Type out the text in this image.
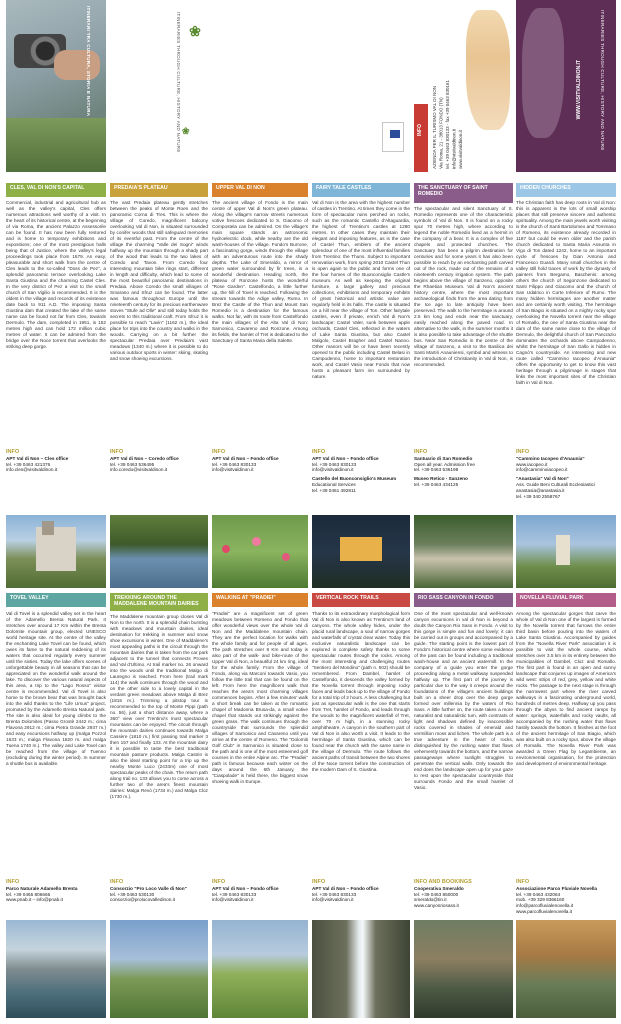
ITINERARI TRA CULTURA, STORIA E NATURA	ITINERARIES THROUGH CULTURE, HISTORY AND NATURE ❀
❀	INFO AZIENDA PER IL TURISMO VAL DI NON Via Roma, 21 - 38013 FONDO (TN) tel. +39 0463 830133 - fax +39 0463 830161 info@visitvaldinon.it www.visitvaldinon.it	ITINERARIES THROUGH CULTURE, HISTORY AND NATURE
WWW.VISITVALDINON.IT
CLES, VAL DI NON'S CAPITAL
Commercial, industrial and agricultural hub as well as the valley's capital, Cles offers numerous attractions well worthy of a visit. In the heart of its historical centre, at the beginning of via Roma, the ancient Palazzo Assessorile can be found. It has now been fully restored and is home to temporary exhibitions and expositions; one of the most prestigious halls being that of Justice, where the valley's legal proceedings took place from 1679. An easy, pleasurable and short walk from the centre of Cles leads to the so-called "Doss de Pez", a splendid panoramic terrace overlooking Lake Santa Giustina and the charming Castel Cles. In the very district of Pez a visit to the small church of San Vigilio is recommended. It is the oldest in the village and records of its existence date back to 911 A.D. The imposing Santa Giustina dam that created the lake of the same name can be found not far from Cles, towards Dermulo. The dam, completed in 1951, is 152 metres high and can hold 172 million cubic metres of water. It can be admired from the bridge over the Noce torrent that overlooks the striking deep gorge.
INFO
APT Val di Non – Cles office
tel. +39 0463 421376
info.cles@visitvaldinon.it
PREDAIA'S PLATEAU
The vast Predaia plateau gently stretches between the peaks of Monte Roen and the panoramic Corna di Tres. This is where the village of Coredo, magnificent balcony overlooking Val di Non, is situated surrounded by conifer woods that still safeguard memories of its eventful past. From the centre of the village the charming "Valle dei Sogni" winds halfway up the mountain through a shady part of the wood that leads to the two lakes of Coredo and Tavon. From Coredo four interesting mountain bike rings start, different in length and difficulty, which lead to some of the most beautiful panoramic destinations in Predaia. Above Coredo the small villages of Smarano and Sfruz can be found. The latter was famous throughout Europe until the nineteenth century for its precious earthenware stoves "Stufe ad Olle" and still today holds the secrets to this traditional craft. From Sfruz it is possible to reach "Lavin" (1162 m.), the ideal place for trips into the country and walks in the woods. Carrying on a bit further the spectacular Predaia over Predaia's vast meadows (1340 m.) where it is possible to do various outdoor sports in winter: skiing, skating and snow shoeing excursions.
INFO
APT Val di Non – Coredo office
tel. +39 0463 536495
info.coredo@visitvaldinon.it
UPPER VAL DI NON
The ancient village of Fondo is the main centre of upper Val di Non's green plateau. Along the village's narrow streets numerous votive frescoes dedicated to S. Giacomo of Compostela can be admired. On the village's main square stands an astronomic hydroelectric clock, while nearby are the old wash-houses of the village. Fondo's Burrone, a fascinating gorge, winds through the village with an adventurous route into the shady depths. The Lake of Smeraldo, a mirror of green water surrounded by fir trees, is a wonderful destination. Heading north, the plateau of Ronzone hosts the wonderful "Rose Garden". Castelfondo, a little further up, the hill of Tovel is reached. Following the stream towards the Adige valley, Rumo. In Brez the Castle of the Thun and Mount San Romedio is a destination for the famous walks. Not far, with its route from Castelfondo the main villages of the Alta Val di Non: Sarnonico, Cavareno and Ronzone. Among its fields, the hamlet of Tret is dedicated to the Sanctuary of Santa Maria della Salette.
INFO
APT Val di Non – Fondo office
tel. +39 0463 830133
info@visitvaldinon.it
FAIRY TALE CASTLES
Val di Non is the area with the highest number of castles in Trentino. At times they come in the form of spectacular ruins perched on rocks, such as the romantic Castello d'Altaguardia, the highest of Trentino's castles at 1280 metres. In other cases they maintain their elegant and imposing features, as is the case of Castel Thun, emblem of the ancient splendour of one of the most influential families from Trentino: the Thuns. Subject to important renovation work, from spring 2010 Castel Thun is open again to the public and forms one of the four homes of the Buonconsiglio Castle's museum. As well as keeping the original furniture, a large gallery and precious collections, exhibitions and temporary exhibits of great historical and artistic value are regularly held in its halls. The castle is situated on a hill near the village of Ton. Other fairytale castles, even if private, enrich Val di Non's landscape: Castel Valer, sunk between apple orchards, Castel Cles, reflected in the waters of Lake Santa Giustina, but also Castel Malgolo, Castel Bragher and Castel Nanno. Other manors will be or have been recently opened to the public including Castel Belasi in Campodenno, home to important restoration work, and Castel Vasio near Fondo that now hosts a pleasant farm inn surrounded by nature.
INFO
APT Val di Non – Fondo office
tel. +39 0463 830133
info@visitvaldinon.it
Castello del Buonconsiglio's Museum
Educational Services
tel. +39 0461 492811
THE SANCTUARY OF SAINT ROMEDIO
The spectacular and silent Sanctuary of S. Romedio represents one of the characteristic symbols of Val di Non. It is found on a rocky spur 70 metres high, where according to legend the noble Romedio lived as a hermit in the company of a bear. It is a complex of five chapels and protected churches. The Sanctuary has been a pilgrim destination for centuries and for some years it has also been possible to reach by an enchanting path carved out of the rock, made out of the remains of a nineteenth century irrigation system. The path begins above the village of Sanzeno, opposite the Rhaetian Museum. Val di Non's ancient history centre, where the most important archaeological finds from the area dating from the Ice age to late antiquity have been preserved. The walk to the hermitage is around 2.5 km long and ends near the sanctuary, easily reached along the paved road. In alternative to the walk, in the summer months it is also possible to take advantage of the shuttle bus. Near San Romedio in the centre of the village of Sanzeno, a visit to the Basilica dei Santi Martiri Anauniensi, symbol and witness to the introduction of Christianity in Val di Non, is recommended.
INFO
Santuario di San Romedio
Open all year. Admission free
tel. +39 0463 536198
Museo Retico - Sanzeno
tel. +39 0463 434125
HIDDEN CHURCHES
The Christian faith has deep roots in Val di Non: this is apparent in the lots of small worship places that still preserve sincere and authentic spirituality. Among the main jewels worth visiting is the church of Santi Bartolomeo and Tommaso of Romeno, its existence already recorded in 1187 but could be even older and the parish church dedicated to Santa Maria Assunta in Vigo di Ton dated 1242, home to an important cycle of frescoes by Gian Antonio and Francesco Guardi. Many small churches in the valley still hold traces of work by the dynasty of painters from Bergamo, Baschenis: among others the church of Segonzone dedicated to Santi Filippo and Giacomo and the church of San Udalrico in Corte Inferiore of Rumo. The many hidden hermitages are another matter and are certainly worth visiting. The hermitage of San Biagio is situated on a mighty rocky spur overlooking the Novella torrent near the village of Romallo, the one of Santa Giustina near the dam of the same name close to the village of Dermulo, the delightful church of San Pancrazio dominates the orchards above Campodenno, whilst the hermitage of San Gallo is hidden in Cagnò's countryside. An interesting and new route called "Cammino Iacopeo d'Anaunia" offers the opportunity to get to know this vast heritage through a pilgrimage in stages that links the most important sites of the Christian faith in Val di Non.
INFO
"Cammino Iacopeo d'Anaunia"
www.iacopeo.it
info@camminoiacopeo.it
"Anastasia" Val di Non"
Ass. Guide Beni Culturali Ecclesiastici
anastasia@anastasia.it
tel. +39 340 2558767
TOVEL VALLEY
Val di Tovel is a splendid valley set in the heart of the Adamello Brenta Natural Park. It stretches over around 17 Km within the Brenta Dolomite mountain group, elected UNESCO world heritage site. At the centre of the valley the enchanting Lake Tovel can be found, which owes its fame to the natural reddening of its waters that occurred regularly every summer until the sixties. Today the lake offers scenes of unforgettable beauty in all seasons that can be appreciated on the wonderful walk around the lake. To discover the various natural aspects of this area, a trip to the "Lago Rosso" visitor centre is recommended. Val di Tovel is also home to the brown bear that was brought back into the wild thanks to the "Life Ursus" project, promoted by the Adamello Brenta Natural park. The site is also ideal for young climbs to the Brenta Dolomites (Passo Grostè 2442 m.; cima Flavona 2912 m.; cima Pietra Grande 2937 m.) and easy excursions halfway up (malga Pozzol 1633 m.; malga Flavona 1820 m. and malga Tuena 1740 m.). The valley and Lake Tovel can be reached from the village of Tuenno (excluding during the winter period). In summer a shuttle bus is available.
INFO
Parco Naturale Adamello Brenta
tel. +39 0465 806666
www.pnab.it – info@pnab.it
TREKKING AROUND THE MADDALENE MOUNTAIN DAIRIES
The Maddalene mountain group closes Val di Non to the north. It is a splendid chain bursting with meadows and mountain dairies, ideal destination for trekking in summer and snow shoe excursions in winter. One of Maddalene's most appealing paths is the circuit through the mountain dairies that is taken from the car park adjacent to the tunnel that connects Proves and Val d'Ultimo. At trail marker no. 26 onward into the woods until the traditional Malgo di Lauregno is reached. From here (trail mark 114) the walk continues through the wood and on the other side to a lovely capital in the verdant green meadows above Malga di Brez (1815 m.). Trimming a pitstop tour is recommended to the top of Monte Pippi (path no. 56), just a short distance away, where a 360° view over Trentino's most spectacular mountains can be enjoyed. The circuit through the mountain dairies continues towards Malga Cassère (1810 m.) first passing trail marker 3 then 157 and finally 133. At the mountain dairy it is possible to taste the best traditional mountain pasture products. Malga Castrin is also the ideal starting point for a trip up the nearby Monte Luco (2433m) one of most spectacular peaks of the chain. The return path along trail no. 133 allows you to come across a further two of the area's finest mountain dairies: Malga Revò (1734 m.) and Malga Cloz (1730 m.).
INFO
Consorzio "Pro Loco Valle di Non"
tel. +39 0463 530130
consorzio@prolocovalledinon.it
WALKING AT "PRADIEI"
"Pradiei" are a magnificent set of green meadows between Romeno and Fondo that offer wonderful views over the whole Val di Non and the Maddalene mountain chain. They are the perfect location for walks with the whole family and for people of all ages. The path stretches over 8 Km and today is also part of the walk- and bike-route of the Upper Val di Non, a beautiful 24 km ring, ideal for the whole family. From the village of Fondo, along via Marconi towards Vasio, you follow the little trail that can be found on the left. From here the magnificent walk that reaches the area's most charming villages commences begins. After a few minutes' walk a short break can be taken at the romantic chapel of Madonna Brusa-da, a small votive chapel that stands out strikingly against the green grass. The walk continues through the countryside that surrounds the splendid villages of Sarnonico and Cavareno until you arrive at the centre of Romeno. The "Dolomiti Golf Club" in Sarnonico is situated close to the path and is one of the most esteemed golf courses in the entire Alpine arc. The "Pradiei" path is famous because each winter on the days around the 6th January, the "Ciaspolade" is held there, the biggest snow shoeing walk in Europe.
INFO
APT Val di Non – Fondo office
tel. +39 0463 830133
info@visitvaldinon.it
VERTICAL ROCK TRAILS
Thanks to its extraordinary morphological form Val di Non is also known as Trentino's land of canyons. The whole valley hides, under the placid rural landscape, a soul of narrow gorges and waterfalls of crystal clear water. Today this exclusive naturalistic landscape can be explored in complete safety thanks to some spectacular routes through the rocks. Among the most interesting and challenging routes "Sentiero del Mondino" (path n. 502) should be remembered. From Dambel, hamlet of Castelfondo, it descends the valley formed by the Novella torrent through imposing rocky faces and leads back up to the village of Fondo for a total trip of 2 hours. A less challenging but just as spectacular walk is the one that starts from Tret, hamlet of Fondo, and leads through the woods to the magnificent waterfall of Tret, over 70 m high, in a stunning rocky amphitheatre. A canyon in the southern part of Val di Non is also worth a visit. It leads to the hermitage of Santa Giustina, which can be found near the church with the same name in the village of Dermulo. The route follows the ancient paths of transit between the two shores of the Noce torrent before the construction of the modern Dam of S. Giustina.
INFO
APT Val di Non – Fondo office
tel. +39 0463 830133
info@visitvaldinon.it
RIO SASS CANYON IN FONDO
One of the most spectacular and well-known canyon excursions in val di Non is beyond a doubt the Canyon Rio Sass in Fondo. A visit to this gorge is simple and fun and lovely; it can be carried out in groups and accompanied by a guide. The starting point is the lowest part of Fondo's historical centre where some evidence of the past can be found including a traditional wash-house and an ancient watermill. In the company of a guide you enter the gorge proceeding along a metal walkway suspended halfway up. The first part of the journey is particular due to the way it creeps around the foundations of the village's ancient buildings built on a sheer drop over the deep gorge formed over millennia by the waters of Rio Sass. A little further on, the route takes a more naturalist and naturalistic turn, with contrasts of light and shadows defined by inaccessible rocks covered in shades of emerald and vermillion moss and lichen. The whole path is a true adventure in the heart of rocks, distinguished by the rushing water that flows vehemently towards the bottom, and the narrow passageways where sunlight struggles to penetrate the vertical walls. Only towards the end does the landscape open up for your gaze to rest upon the spectacular countryside that surrounds Fondo and the small hamlet of Vasio.
INFO AND BOOKINGS
Cooperativa Smeraldo
tel. +39 0463 850000
smeraldo@tin.it
www.canyonriosass.it
NOVELLA FLUVIAL PARK
Among the spectacular gorges that carve the whole of Val di Non one of the largest is formed by the Novella torrent that furrows the entire third basin before pouring into the waters of Lake Santa Giustina. Accompanied by guides from the "Novella River Park" association it is possible to visit the whole course, which stretches over 3.5 km in its entirety between the municipalities of Dambel, Cloz and Romallo. The first part is found in an open and sunny landscape that conjures up images of America's wild west: strips of red, grey, yellow and white rocks. The passage to the next stage is through the narrowest part where the river carved walkways in a fascinating underground world, hundreds of metres deep. Halfway up you pass through the abyss to find ancient ramps by water: springs, waterfalls and rocky vaults, all accompanied by the rushing water that flows hastily towards the bottom. It finishes at the foot of the ancient hermitage of San Biagio, which was also built on a rocky spur, above the village of Romallo. The Novella River Park was awarded a Green Flag by Legambiente, an environmental organisation, for the protection and development of environmental heritage.
INFO
Associazione Parco Fluviale Novella
tel. +39 0463 432064
mob. +39 329 8366160
info@parcofluvialenovella.it
www.parcofluvialenovella.it
